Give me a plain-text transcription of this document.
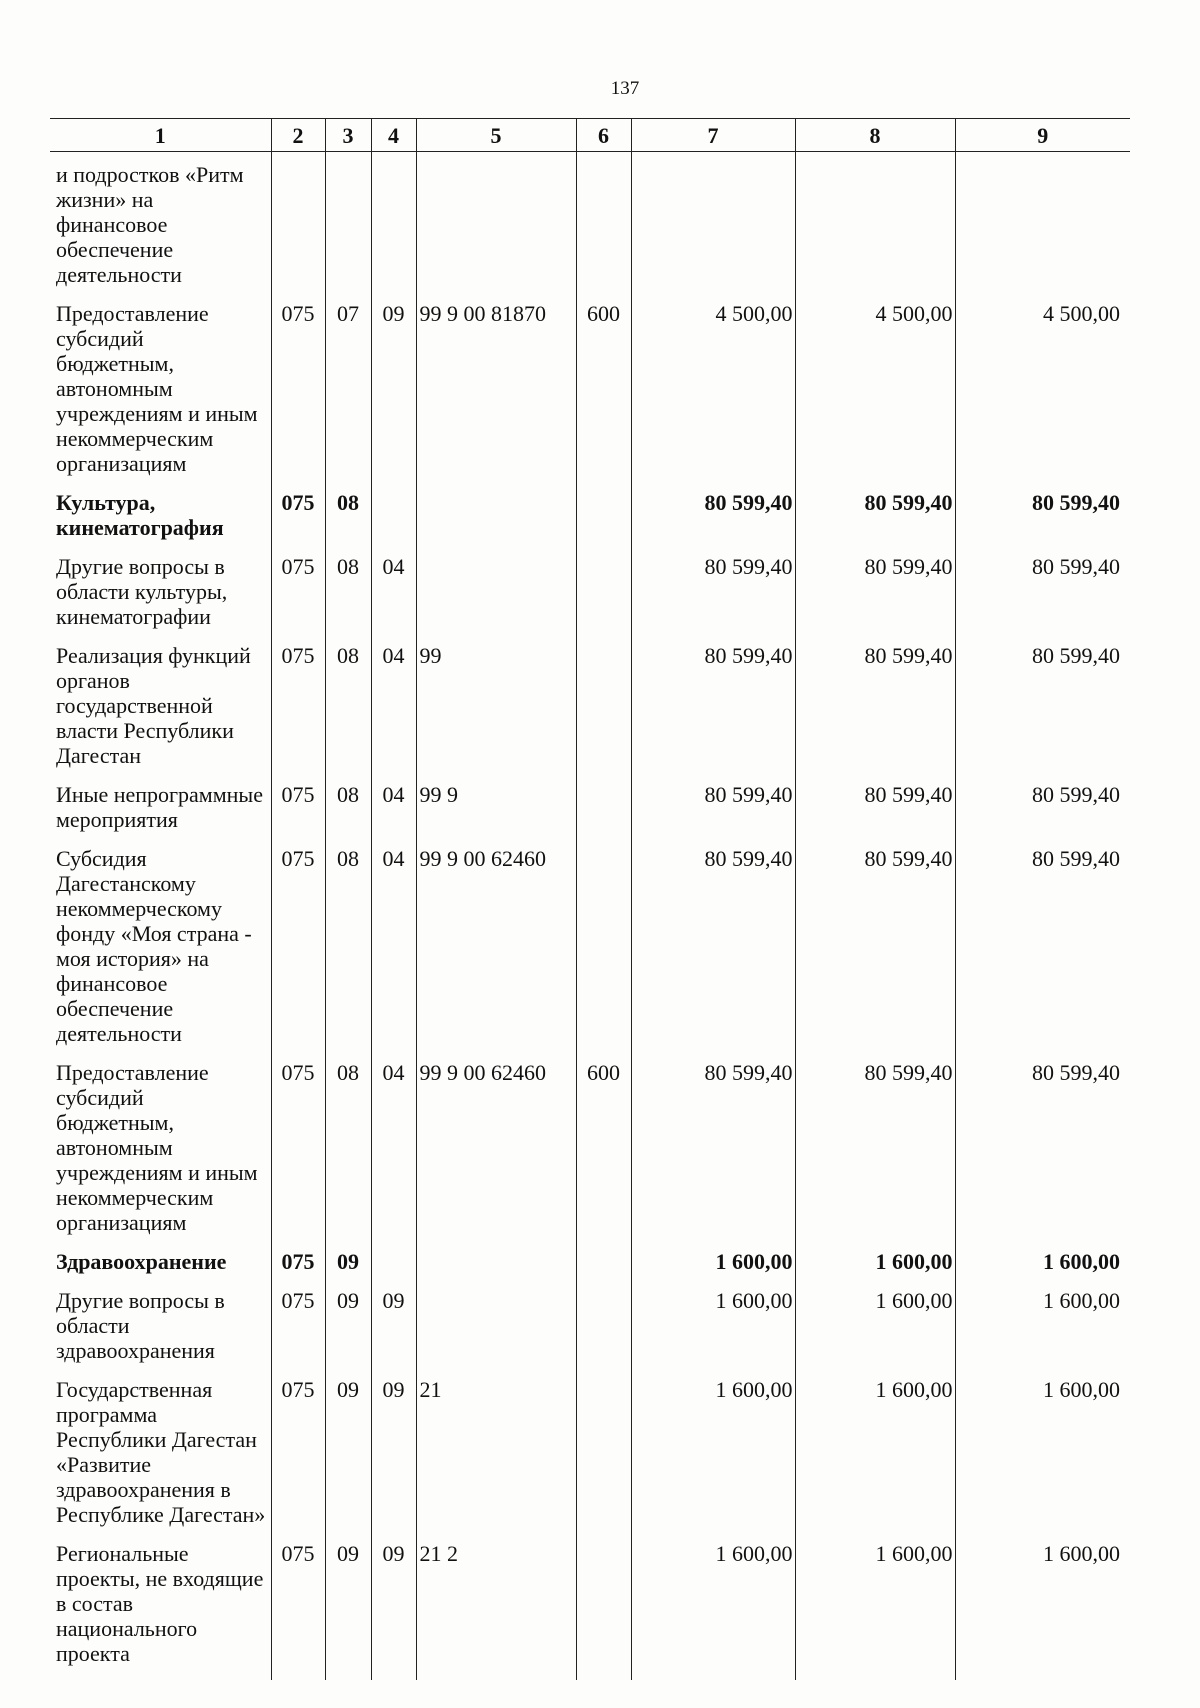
137
1	2	3	4	5	6	7	8	9
и подростков «Ритм жизни» на финансовое обеспечение деятельности								
Предоставление субсидий бюджетным, автономным учреждениям и иным некоммерческим организациям	075	07	09	99 9 00 81870	600	4 500,00	4 500,00	4 500,00
Культура, кинематография	075	08				80 599,40	80 599,40	80 599,40
Другие вопросы в области культуры, кинематографии	075	08	04			80 599,40	80 599,40	80 599,40
Реализация функций органов государственной власти Республики Дагестан	075	08	04	99		80 599,40	80 599,40	80 599,40
Иные непрограммные мероприятия	075	08	04	99 9		80 599,40	80 599,40	80 599,40
Субсидия Дагестанскому некоммерческому фонду «Моя страна - моя история» на финансовое обеспечение деятельности	075	08	04	99 9 00 62460		80 599,40	80 599,40	80 599,40
Предоставление субсидий бюджетным, автономным учреждениям и иным некоммерческим организациям	075	08	04	99 9 00 62460	600	80 599,40	80 599,40	80 599,40
Здравоохранение	075	09				1 600,00	1 600,00	1 600,00
Другие вопросы в области здравоохранения	075	09	09			1 600,00	1 600,00	1 600,00
Государственная программа Республики Дагестан «Развитие здравоохранения в Республике Дагестан»	075	09	09	21		1 600,00	1 600,00	1 600,00
Региональные проекты, не входящие в состав национального проекта	075	09	09	21 2		1 600,00	1 600,00	1 600,00
